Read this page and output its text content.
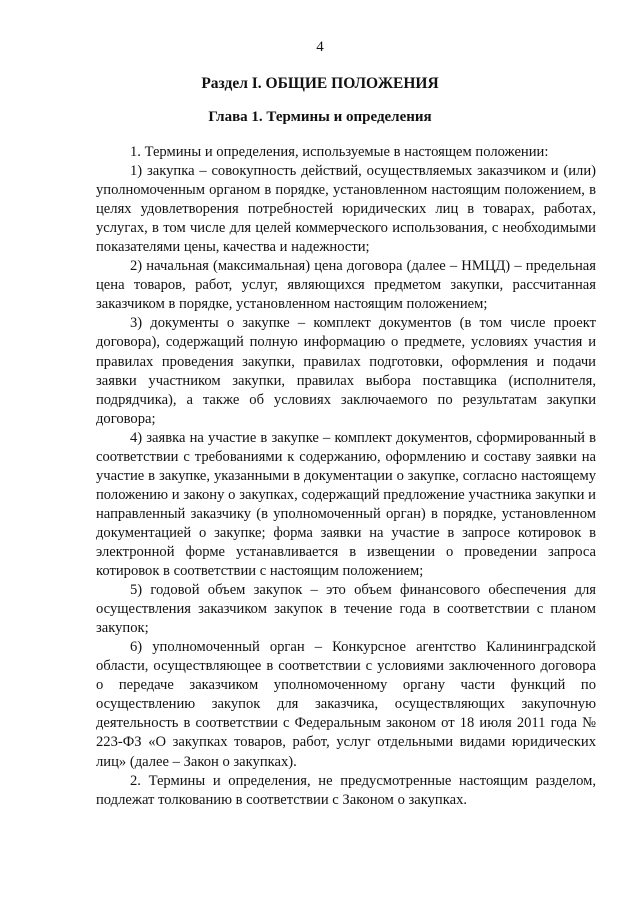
4
Раздел I. ОБЩИЕ ПОЛОЖЕНИЯ
Глава 1. Термины и определения

1. Термины и определения, используемые в настоящем положении:

1) закупка – совокупность действий, осуществляемых заказчиком и (или) уполномоченным органом в порядке, установленном настоящим положением, в целях удовлетворения потребностей юридических лиц в товарах, работах, услугах, в том числе для целей коммерческого использования, с необходимыми показателями цены, качества и надежности;

2) начальная (максимальная) цена договора (далее – НМЦД) – предельная цена товаров, работ, услуг, являющихся предметом закупки, рассчитанная заказчиком в порядке, установленном настоящим положением;

3) документы о закупке – комплект документов (в том числе проект договора), содержащий полную информацию о предмете, условиях участия и правилах проведения закупки, правилах подготовки, оформления и подачи заявки участником закупки, правилах выбора поставщика (исполнителя, подрядчика), а также об условиях заключаемого по результатам закупки договора;

4) заявка на участие в закупке – комплект документов, сформированный в соответствии с требованиями к содержанию, оформлению и составу заявки на участие в закупке, указанными в документации о закупке, согласно настоящему положению и закону о закупках, содержащий предложение участника закупки и направленный заказчику (в уполномоченный орган) в порядке, установленном документацией о закупке; форма заявки на участие в запросе котировок в электронной форме устанавливается в извещении о проведении запроса котировок в соответствии с настоящим положением;

5) годовой объем закупок – это объем финансового обеспечения для осуществления заказчиком закупок в течение года в соответствии с планом закупок;

6) уполномоченный орган – Конкурсное агентство Калининградской области, осуществляющее в соответствии с условиями заключенного договора о передаче заказчиком уполномоченному органу части функций по осуществлению закупок для заказчика, осуществляющих закупочную деятельность в соответствии с Федеральным законом от 18 июля 2011 года № 223-ФЗ «О закупках товаров, работ, услуг отдельными видами юридических лиц» (далее – Закон о закупках).

2. Термины и определения, не предусмотренные настоящим разделом, подлежат толкованию в соответствии с Законом о закупках.
